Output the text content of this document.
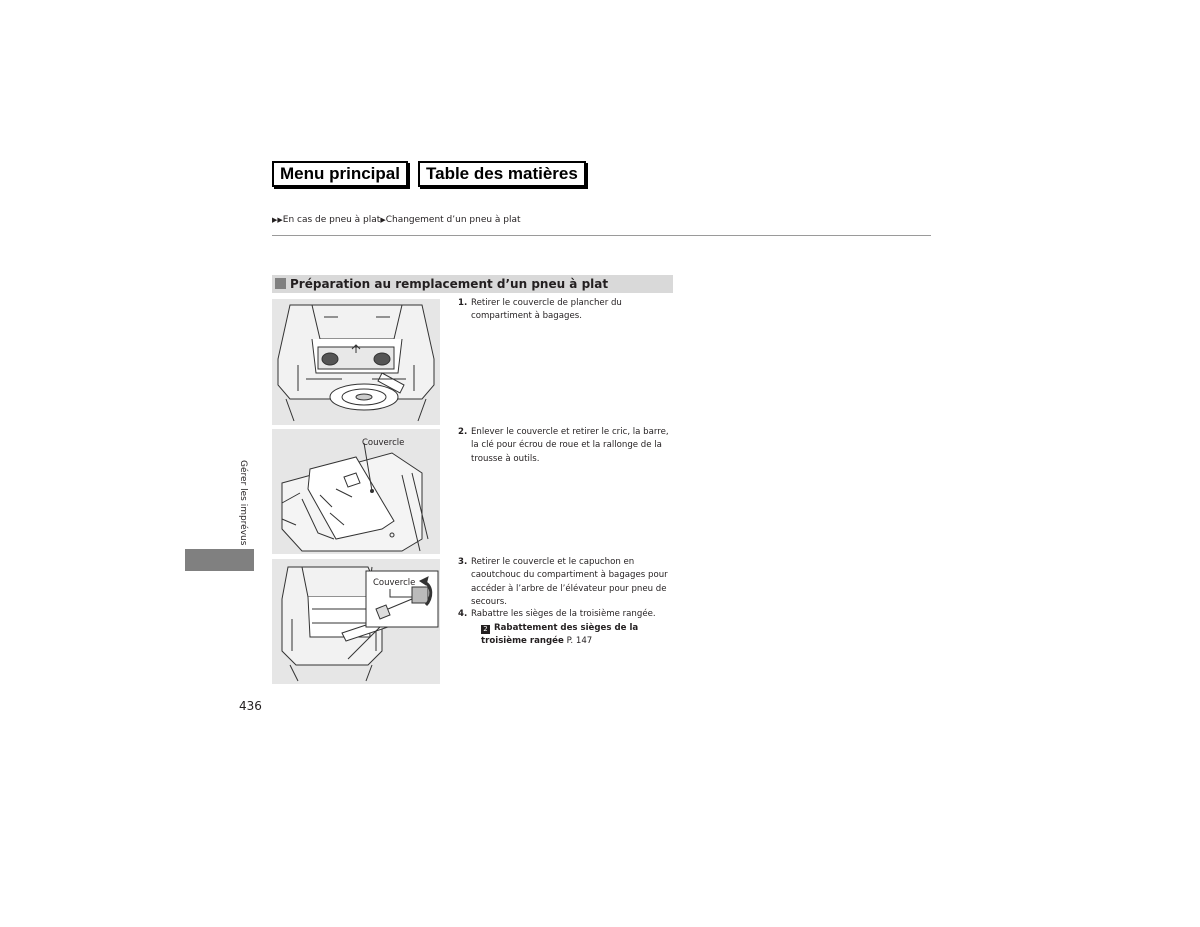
Menu principal	Table des matières
▶▶En cas de pneu à plat▶Changement d’un pneu à plat
Préparation au remplacement d’un pneu à plat
Couvercle
Couvercle
1. Retirer le couvercle de plancher du compartiment à bagages.
2. Enlever le couvercle et retirer le cric, la barre, la clé pour écrou de roue et la rallonge de la trousse à outils.
3. Retirer le couvercle et le capuchon en caoutchouc du compartiment à bagages pour accéder à l’arbre de l’élévateur pour pneu de secours.
4. Rabattre les sièges de la troisième rangée.
2 Rabattement des sièges de la troisième rangée P. 147
Gérer les imprévus
436
